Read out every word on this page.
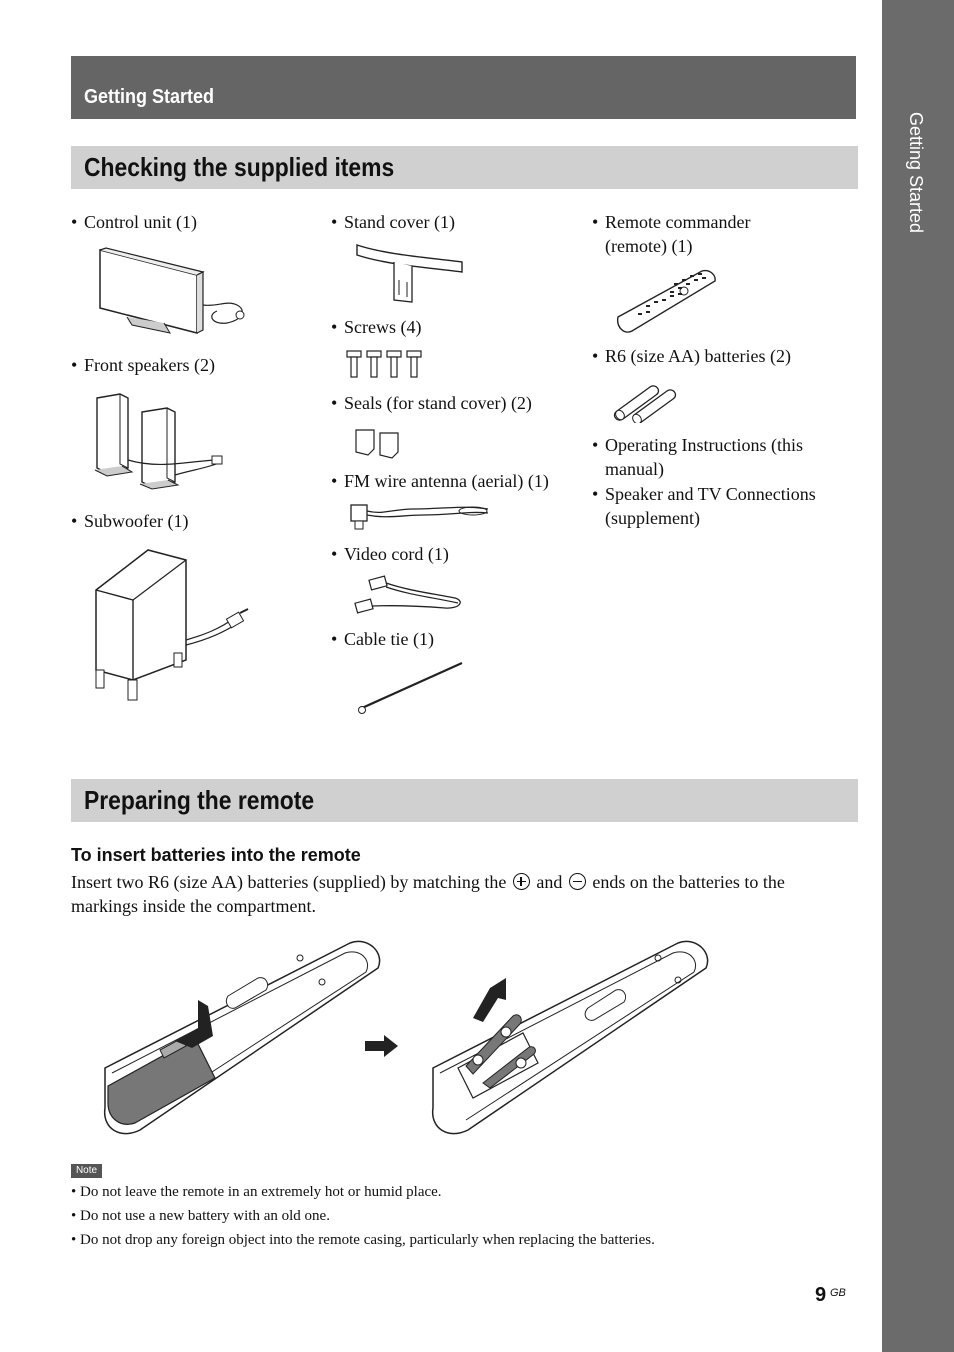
Getting Started
Getting Started
Checking the supplied items
• Control unit (1)
• Front speakers (2)
• Subwoofer (1)
• Stand cover (1)
• Screws (4)
• Seals (for stand cover) (2)
• FM wire antenna (aerial) (1)
• Video cord (1)
• Cable tie (1)
• Remote commander
(remote) (1)
• R6 (size AA) batteries (2)
• Operating Instructions (this
manual)
• Speaker and TV Connections
(supplement)
Preparing the remote
To insert batteries into the remote
Insert two R6 (size AA) batteries (supplied) by matching the and ends on the batteries to the
markings inside the compartment.
Note
• Do not leave the remote in an extremely hot or humid place.
• Do not use a new battery with an old one.
• Do not drop any foreign object into the remote casing, particularly when replacing the batteries.
9 GB
